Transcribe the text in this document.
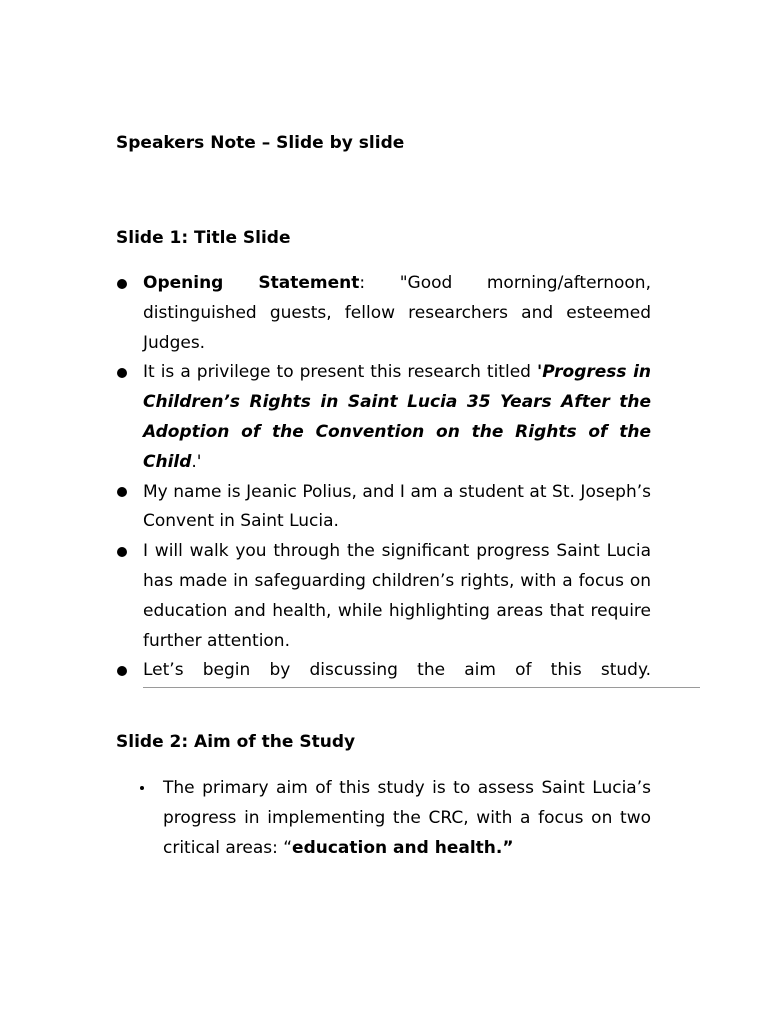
Speakers Note – Slide by slide
Slide 1: Title Slide
Opening Statement: "Good morning/afternoon, distinguished guests, fellow researchers and esteemed Judges.
It is a privilege to present this research titled 'Progress in Children’s Rights in Saint Lucia 35 Years After the Adoption of the Convention on the Rights of the Child.'
My name is Jeanic Polius, and I am a student at St. Joseph’s Convent in Saint Lucia.
I will walk you through the significant progress Saint Lucia has made in safeguarding children’s rights, with a focus on education and health, while highlighting areas that require further attention.
Let’s begin by discussing the aim of this study.
Slide 2: Aim of the Study
The primary aim of this study is to assess Saint Lucia’s progress in implementing the CRC, with a focus on two critical areas: “education and health.”
